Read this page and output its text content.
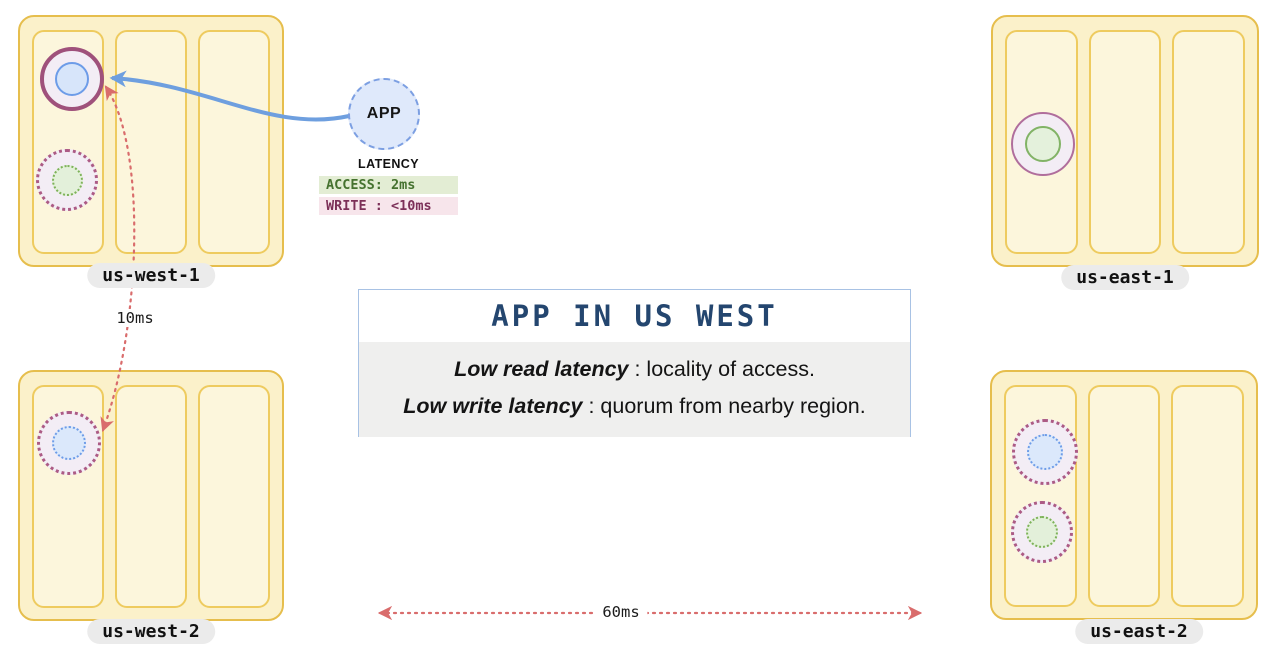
us-west-1	us-east-1
us-west-2	us-east-2
APP
LATENCY
ACCESS: 2ms
WRITE : <10ms
APP IN US WEST
Low read latency : locality of access.
Low write latency : quorum from nearby region.
10ms
60ms
